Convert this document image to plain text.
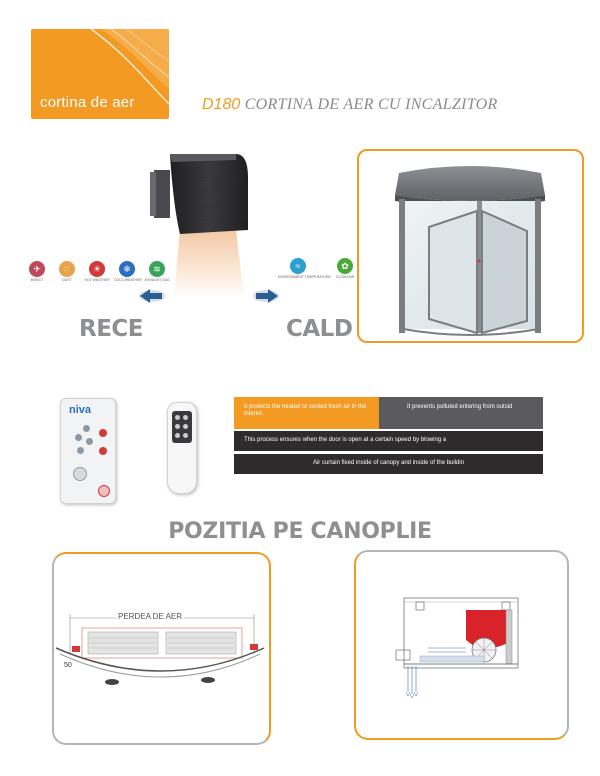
cortina de aer	D180 CORTINA DE AER CU INCALZITOR
✈
INSECT
⁙
DUST
☀
HOT WEATHER
❄
COLD WEATHER
≋
EXHAUST GAS
≈
ENVIRONMENT TEMPERATURE
✿
CLEAN AIR
RECE	CALD
niva	It protects the heated or cooled fresh air in the interior.
It prevents polluted entering from outsid
This process ensures when the door is open at a certain speed by blowing a
Air curtain fixed inside of canopy and inside of the buildin
POZITIA PE CANOPLIE
PERDEA DE AER
50
